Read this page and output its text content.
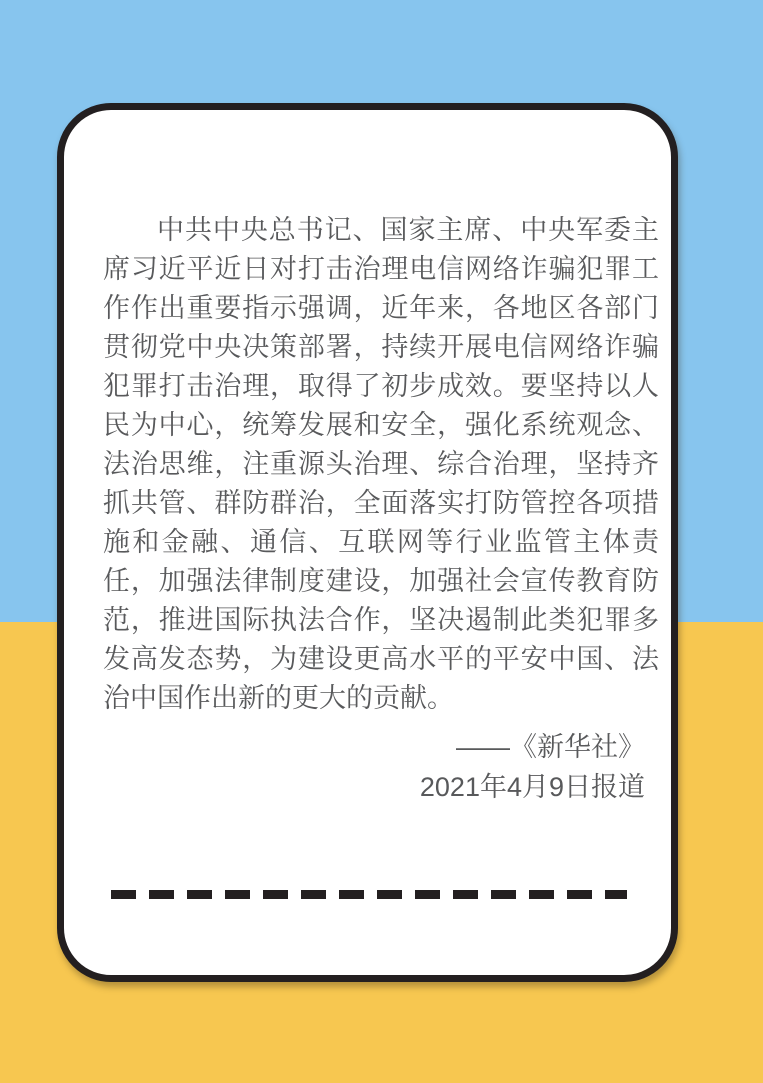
中共中央总书记、国家主席、中央军委主席习近平近日对打击治理电信网络诈骗犯罪工作作出重要指示强调，近年来，各地区各部门贯彻党中央决策部署，持续开展电信网络诈骗犯罪打击治理，取得了初步成效。要坚持以人民为中心，统筹发展和安全，强化系统观念、法治思维，注重源头治理、综合治理，坚持齐抓共管、群防群治，全面落实打防管控各项措施和金融、通信、互联网等行业监管主体责任，加强法律制度建设，加强社会宣传教育防范，推进国际执法合作，坚决遏制此类犯罪多发高发态势，为建设更高水平的平安中国、法治中国作出新的更大的贡献。

——《新华社》
2021年4月9日报道
